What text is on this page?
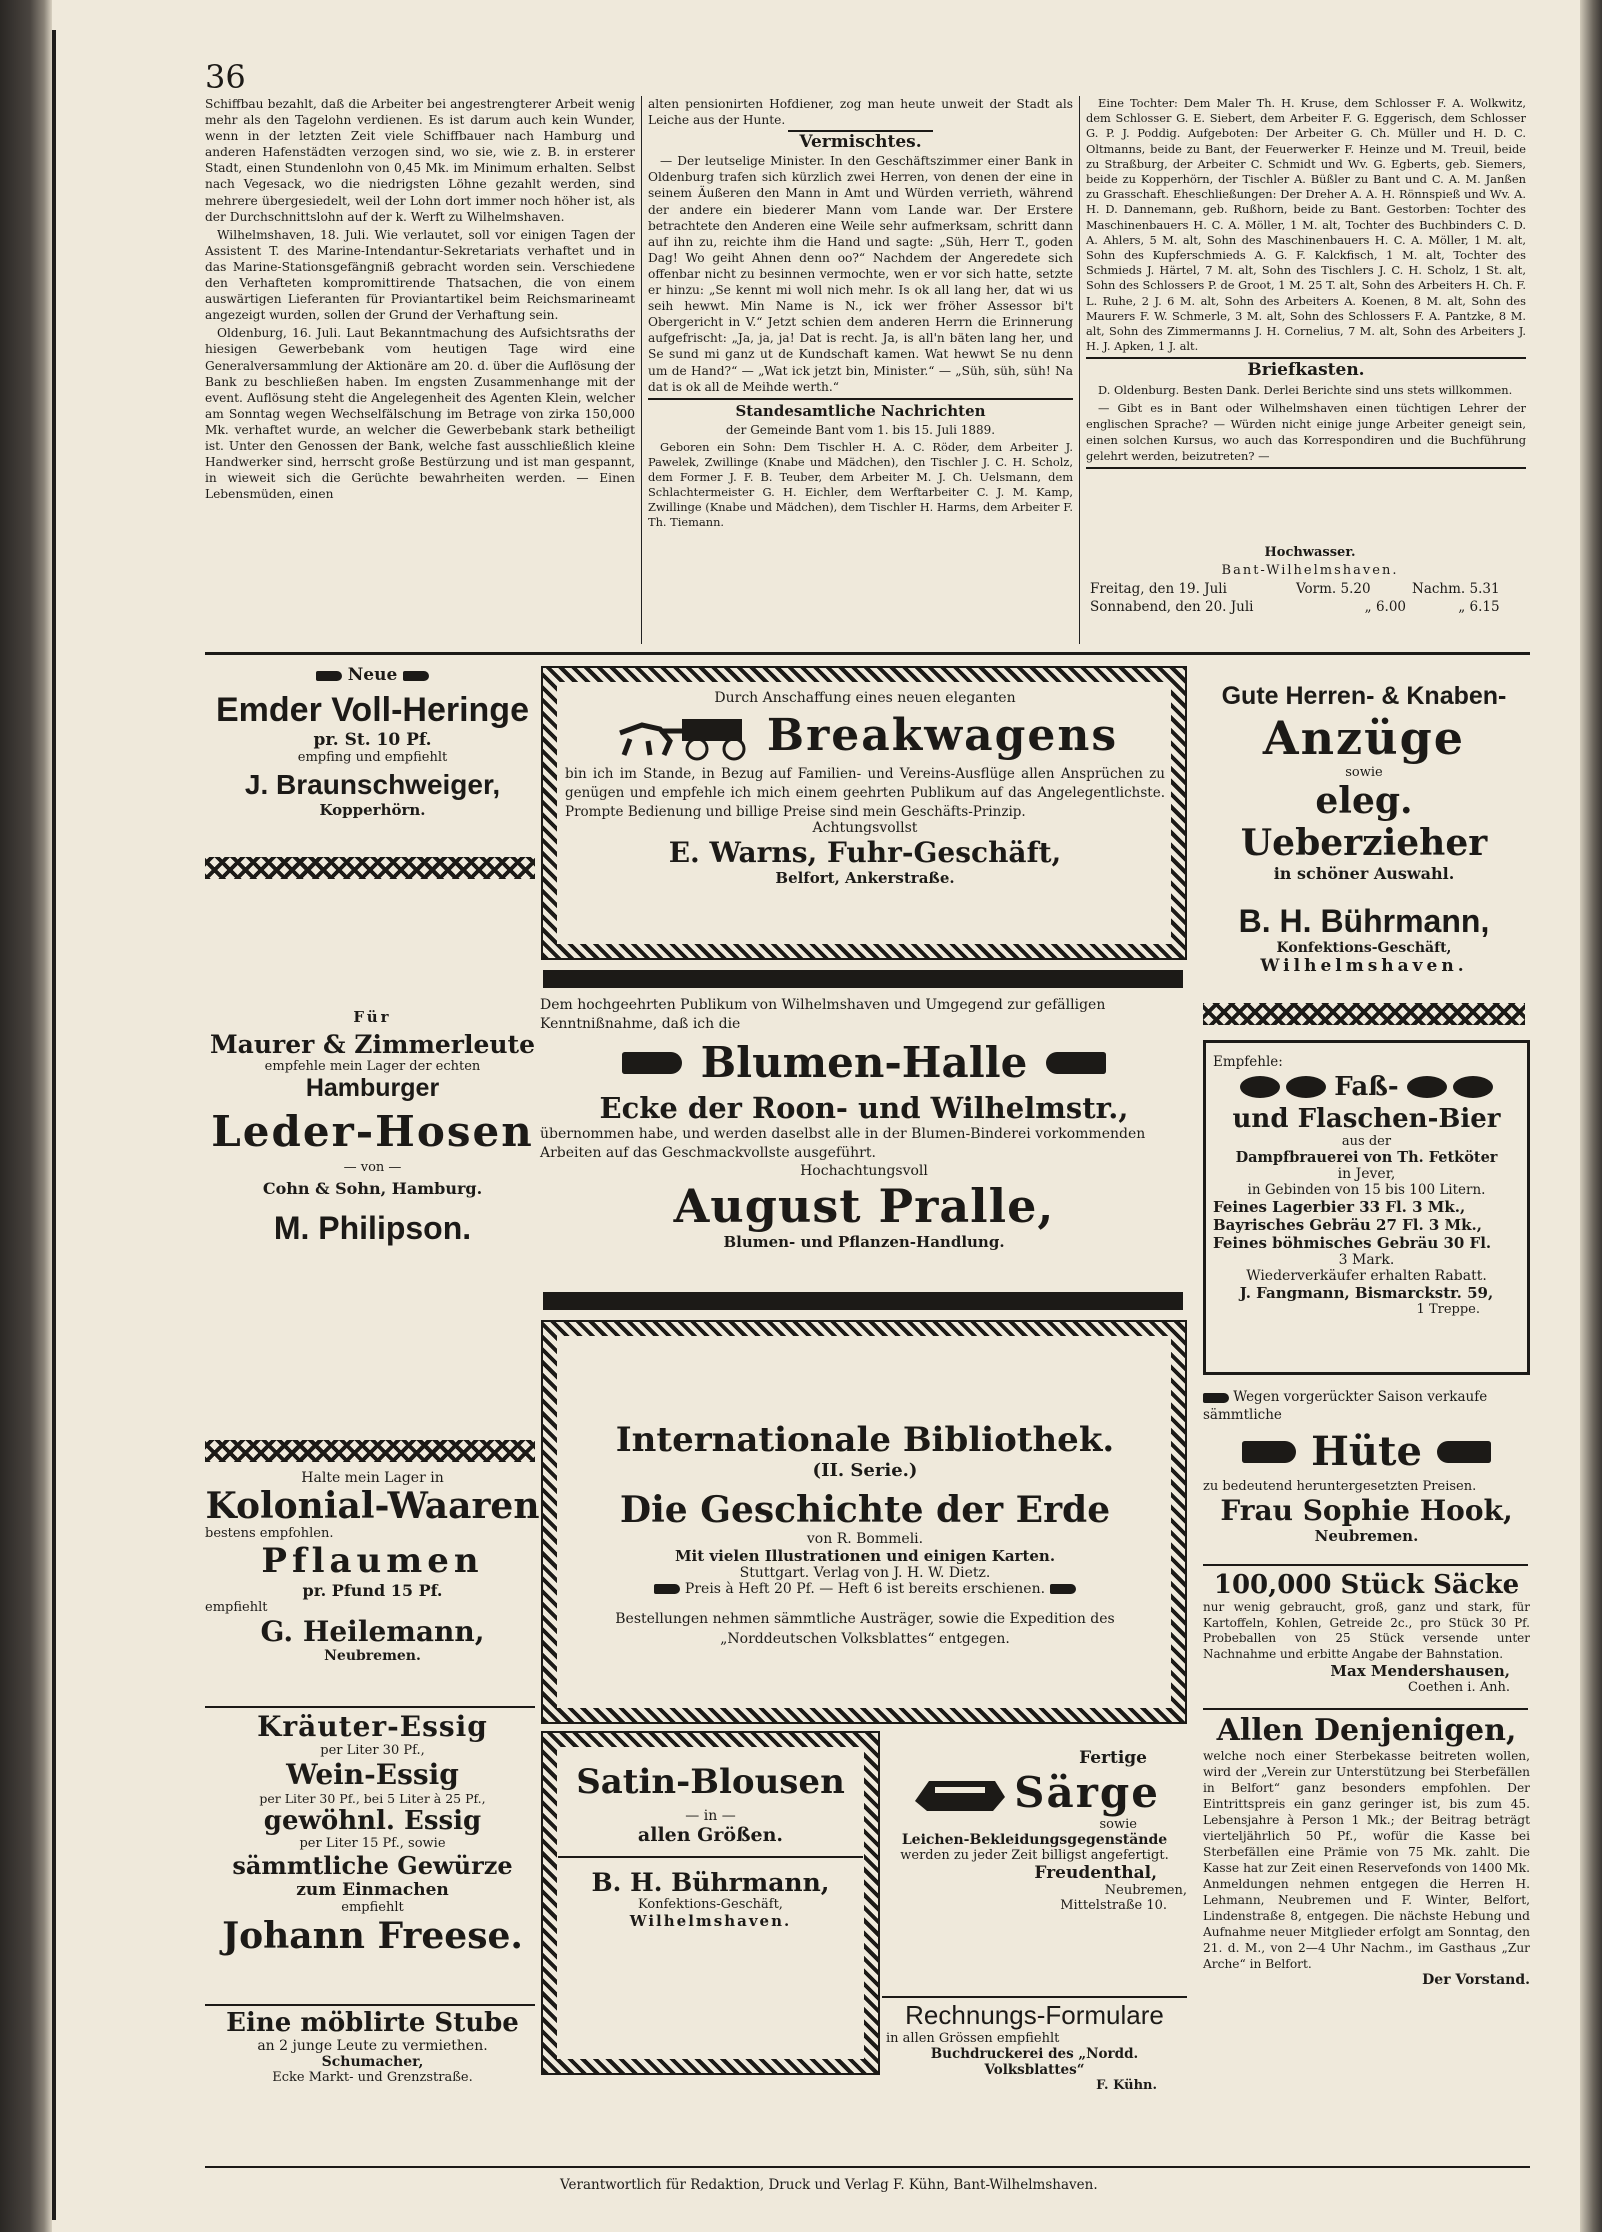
36

Schiffbau bezahlt, daß die Arbeiter bei angestrengterer Arbeit wenig mehr als den Tagelohn verdienen. Es ist darum auch kein Wunder, wenn in der letzten Zeit viele Schiffbauer nach Hamburg und anderen Hafenstädten verzogen sind, wo sie, wie z. B. in ersterer Stadt, einen Stundenlohn von 0,45 Mk. im Minimum erhalten. Selbst nach Vegesack, wo die niedrigsten Löhne gezahlt werden, sind mehrere übergesiedelt, weil der Lohn dort immer noch höher ist, als der Durchschnittslohn auf der k. Werft zu Wilhelmshaven.

Wilhelmshaven, 18. Juli. Wie verlautet, soll vor einigen Tagen der Assistent T. des Marine-Intendantur-Sekretariats verhaftet und in das Marine-Stationsgefängniß gebracht worden sein. Verschiedene den Verhafteten kompromittirende Thatsachen, die von einem auswärtigen Lieferanten für Proviantartikel beim Reichsmarineamt angezeigt wurden, sollen der Grund der Verhaftung sein.

Oldenburg, 16. Juli. Laut Bekanntmachung des Aufsichtsraths der hiesigen Gewerbebank vom heutigen Tage wird eine Generalversammlung der Aktionäre am 20. d. über die Auflösung der Bank zu beschließen haben. Im engsten Zusammenhange mit der event. Auflösung steht die Angelegenheit des Agenten Klein, welcher am Sonntag wegen Wechselfälschung im Betrage von zirka 150,000 Mk. verhaftet wurde, an welcher die Gewerbebank stark betheiligt ist. Unter den Genossen der Bank, welche fast ausschließlich kleine Handwerker sind, herrscht große Bestürzung und ist man gespannt, in wieweit sich die Gerüchte bewahrheiten werden. — Einen Lebensmüden, einen

alten pensionirten Hofdiener, zog man heute unweit der Stadt als Leiche aus der Hunte.

Vermischtes.

— Der leutselige Minister. In den Geschäftszimmer einer Bank in Oldenburg trafen sich kürzlich zwei Herren, von denen der eine in seinem Äußeren den Mann in Amt und Würden verrieth, während der andere ein biederer Mann vom Lande war. Der Erstere betrachtete den Anderen eine Weile sehr aufmerksam, schritt dann auf ihn zu, reichte ihm die Hand und sagte: „Süh, Herr T., goden Dag! Wo geiht Ahnen denn oo?“ Nachdem der Angeredete sich offenbar nicht zu besinnen vermochte, wen er vor sich hatte, setzte er hinzu: „Se kennt mi woll nich mehr. Is ok all lang her, dat wi us seih hewwt. Min Name is N., ick wer fröher Assessor bi't Obergericht in V.“ Jetzt schien dem anderen Herrn die Erinnerung aufgefrischt: „Ja, ja, ja! Dat is recht. Ja, is all'n bäten lang her, und Se sund mi ganz ut de Kundschaft kamen. Wat hewwt Se nu denn um de Hand?“ — „Wat ick jetzt bin, Minister.“ — „Süh, süh, süh! Na dat is ok all de Meihde werth.“

Standesamtliche Nachrichten

der Gemeinde Bant vom 1. bis 15. Juli 1889.

Geboren ein Sohn: Dem Tischler H. A. C. Röder, dem Arbeiter J. Pawelek, Zwillinge (Knabe und Mädchen), den Tischler J. C. H. Scholz, dem Former J. F. B. Teuber, dem Arbeiter M. J. Ch. Uelsmann, dem Schlachtermeister G. H. Eichler, dem Werftarbeiter C. J. M. Kamp, Zwillinge (Knabe und Mädchen), dem Tischler H. Harms, dem Arbeiter F. Th. Tiemann.

Eine Tochter: Dem Maler Th. H. Kruse, dem Schlosser F. A. Wolkwitz, dem Schlosser G. E. Siebert, dem Arbeiter F. G. Eggerisch, dem Schlosser G. P. J. Poddig. Aufgeboten: Der Arbeiter G. Ch. Müller und H. D. C. Oltmanns, beide zu Bant, der Feuerwerker F. Heinze und M. Treuil, beide zu Straßburg, der Arbeiter C. Schmidt und Wv. G. Egberts, geb. Siemers, beide zu Kopperhörn, der Tischler A. Büßler zu Bant und C. A. M. Janßen zu Grasschaft. Eheschließungen: Der Dreher A. A. H. Rönnspieß und Wv. A. H. D. Dannemann, geb. Rußhorn, beide zu Bant. Gestorben: Tochter des Maschinenbauers H. C. A. Möller, 1 M. alt, Tochter des Buchbinders C. D. A. Ahlers, 5 M. alt, Sohn des Maschinenbauers H. C. A. Möller, 1 M. alt, Sohn des Kupferschmieds A. G. F. Kalckfisch, 1 M. alt, Tochter des Schmieds J. Härtel, 7 M. alt, Sohn des Tischlers J. C. H. Scholz, 1 St. alt, Sohn des Schlossers P. de Groot, 1 M. 25 T. alt, Sohn des Arbeiters H. Ch. F. L. Ruhe, 2 J. 6 M. alt, Sohn des Arbeiters A. Koenen, 8 M. alt, Sohn des Maurers F. W. Schmerle, 3 M. alt, Sohn des Schlossers F. A. Pantzke, 8 M. alt, Sohn des Zimmermanns J. H. Cornelius, 7 M. alt, Sohn des Arbeiters J. H. J. Apken, 1 J. alt.

Briefkasten.

D. Oldenburg. Besten Dank. Derlei Berichte sind uns stets willkommen.

— Gibt es in Bant oder Wilhelmshaven einen tüchtigen Lehrer der englischen Sprache? — Würden nicht einige junge Arbeiter geneigt sein, einen solchen Kursus, wo auch das Korrespondiren und die Buchführung gelehrt werden, beizutreten? —

Hochwasser.
Bant-Wilhelmshaven.
Freitag, den 19. Juli	Vorm. 5.20	Nachm. 5.31
Sonnabend, den 20. Juli	„ 6.00	„ 6.15
Neue
Emder Voll-Heringe
pr. St. 10 Pf.
empfing und empfiehlt
J. Braunschweiger,
Kopperhörn.
Für
Maurer & Zimmerleute
empfehle mein Lager der echten
Hamburger
Leder-Hosen
— von —
Cohn & Sohn, Hamburg.
M. Philipson.
Halte mein Lager in
Kolonial-Waaren
bestens empfohlen.
Pflaumen
pr. Pfund 15 Pf.
empfiehlt
G. Heilemann,
Neubremen.
Kräuter-Essig
per Liter 30 Pf.,
Wein-Essig
per Liter 30 Pf., bei 5 Liter à 25 Pf.,
gewöhnl. Essig
per Liter 15 Pf., sowie
sämmtliche Gewürze
zum Einmachen
empfiehlt
Johann Freese.
Eine möblirte Stube
an 2 junge Leute zu vermiethen.
Schumacher,
Ecke Markt- und Grenzstraße.
Durch Anschaffung eines neuen eleganten
Breakwagens
bin ich im Stande, in Bezug auf Familien- und Vereins-Ausflüge allen Ansprüchen zu genügen und empfehle ich mich einem geehrten Publikum auf das Angelegentlichste. Prompte Bedienung und billige Preise sind mein Geschäfts-Prinzip.
Achtungsvollst
E. Warns, Fuhr-Geschäft,
Belfort, Ankerstraße.
Dem hochgeehrten Publikum von Wilhelmshaven und Umgegend zur gefälligen Kenntnißnahme, daß ich die
Blumen-Halle
Ecke der Roon- und Wilhelmstr.,
übernommen habe, und werden daselbst alle in der Blumen-Binderei vorkommenden Arbeiten auf das Geschmackvollste ausgeführt.
Hochachtungsvoll
August Pralle,
Blumen- und Pflanzen-Handlung.
Internationale Bibliothek.
(II. Serie.)
Die Geschichte der Erde
von R. Bommeli.
Mit vielen Illustrationen und einigen Karten.
Stuttgart. Verlag von J. H. W. Dietz.
Preis à Heft 20 Pf. — Heft 6 ist bereits erschienen.
Bestellungen nehmen sämmtliche Austräger, sowie die Expedition des „Norddeutschen Volksblattes“ entgegen.
Satin-Blousen
— in —
allen Größen.
B. H. Bührmann,
Konfektions-Geschäft,
Wilhelmshaven.
Fertige
Särge
sowie
Leichen-Bekleidungsgegenstände
werden zu jeder Zeit billigst angefertigt.
Freudenthal,
Neubremen,
Mittelstraße 10.
Rechnungs-Formulare
in allen Grössen empfiehlt
Buchdruckerei des „Nordd. Volksblattes“
F. Kühn.
Gute Herren- & Knaben-
Anzüge
sowie
eleg. Ueberzieher
in schöner Auswahl.
B. H. Bührmann,
Konfektions-Geschäft,
Wilhelmshaven.
Empfehle:
Faß-
und Flaschen-Bier
aus der
Dampfbrauerei von Th. Fetköter
in Jever,
in Gebinden von 15 bis 100 Litern.
Feines Lagerbier 33 Fl. 3 Mk.,
Bayrisches Gebräu 27 Fl. 3 Mk.,
Feines böhmisches Gebräu 30 Fl.
3 Mark.
Wiederverkäufer erhalten Rabatt.
J. Fangmann, Bismarckstr. 59,
1 Treppe.
Wegen vorgerückter Saison verkaufe sämmtliche
Hüte
zu bedeutend heruntergesetzten Preisen.
Frau Sophie Hook,
Neubremen.
100,000 Stück Säcke
nur wenig gebraucht, groß, ganz und stark, für Kartoffeln, Kohlen, Getreide 2c., pro Stück 30 Pf. Probeballen von 25 Stück versende unter Nachnahme und erbitte Angabe der Bahnstation.
Max Mendershausen,
Coethen i. Anh.
Allen Denjenigen,
welche noch einer Sterbekasse beitreten wollen, wird der „Verein zur Unterstützung bei Sterbefällen in Belfort“ ganz besonders empfohlen. Der Eintrittspreis ein ganz geringer ist, bis zum 45. Lebensjahre à Person 1 Mk.; der Beitrag beträgt vierteljährlich 50 Pf., wofür die Kasse bei Sterbefällen eine Prämie von 75 Mk. zahlt. Die Kasse hat zur Zeit einen Reservefonds von 1400 Mk. Anmeldungen nehmen entgegen die Herren H. Lehmann, Neubremen und F. Winter, Belfort, Lindenstraße 8, entgegen. Die nächste Hebung und Aufnahme neuer Mitglieder erfolgt am Sonntag, den 21. d. M., von 2—4 Uhr Nachm., im Gasthaus „Zur Arche“ in Belfort.
Der Vorstand.
Verantwortlich für Redaktion, Druck und Verlag F. Kühn, Bant-Wilhelmshaven.
